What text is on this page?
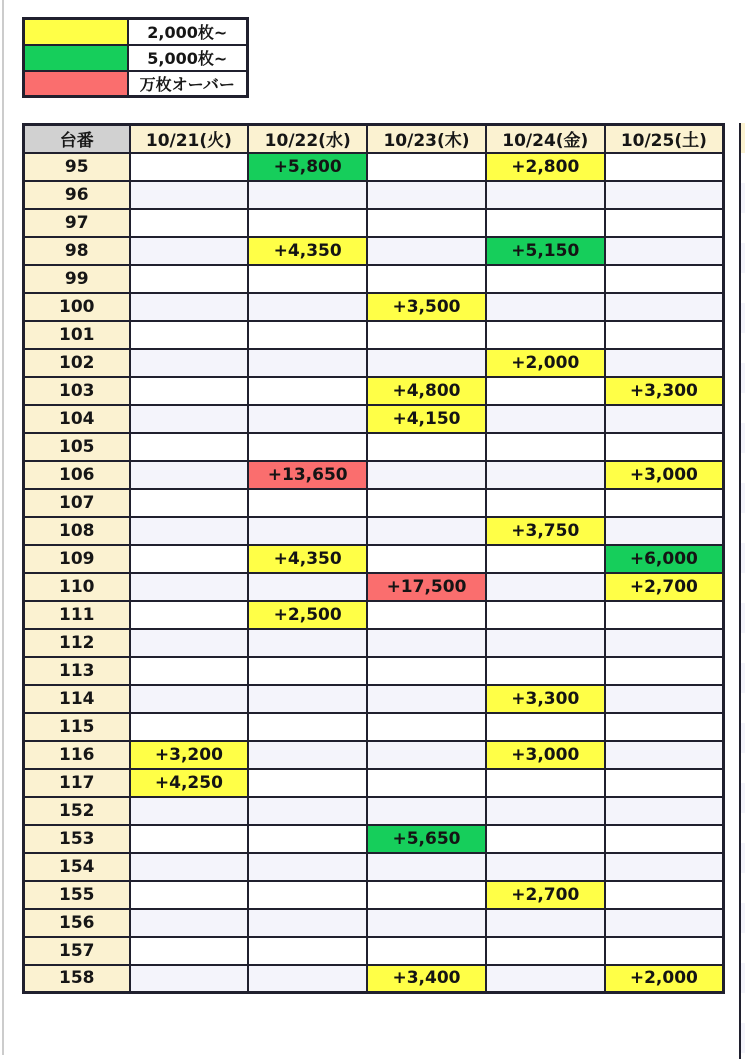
	2,000枚~
	5,000枚~
	万枚オーバー
台番	10/21(火)	10/22(水)	10/23(木)	10/24(金)	10/25(土)
95		+5,800		+2,800	
96					
97					
98		+4,350		+5,150	
99					
100			+3,500		
101					
102				+2,000	
103			+4,800		+3,300
104			+4,150		
105					
106		+13,650			+3,000
107					
108				+3,750	
109		+4,350			+6,000
110			+17,500		+2,700
111		+2,500			
112					
113					
114				+3,300	
115					
116	+3,200			+3,000	
117	+4,250				
152					
153			+5,650		
154					
155				+2,700	
156					
157					
158			+3,400		+2,000
